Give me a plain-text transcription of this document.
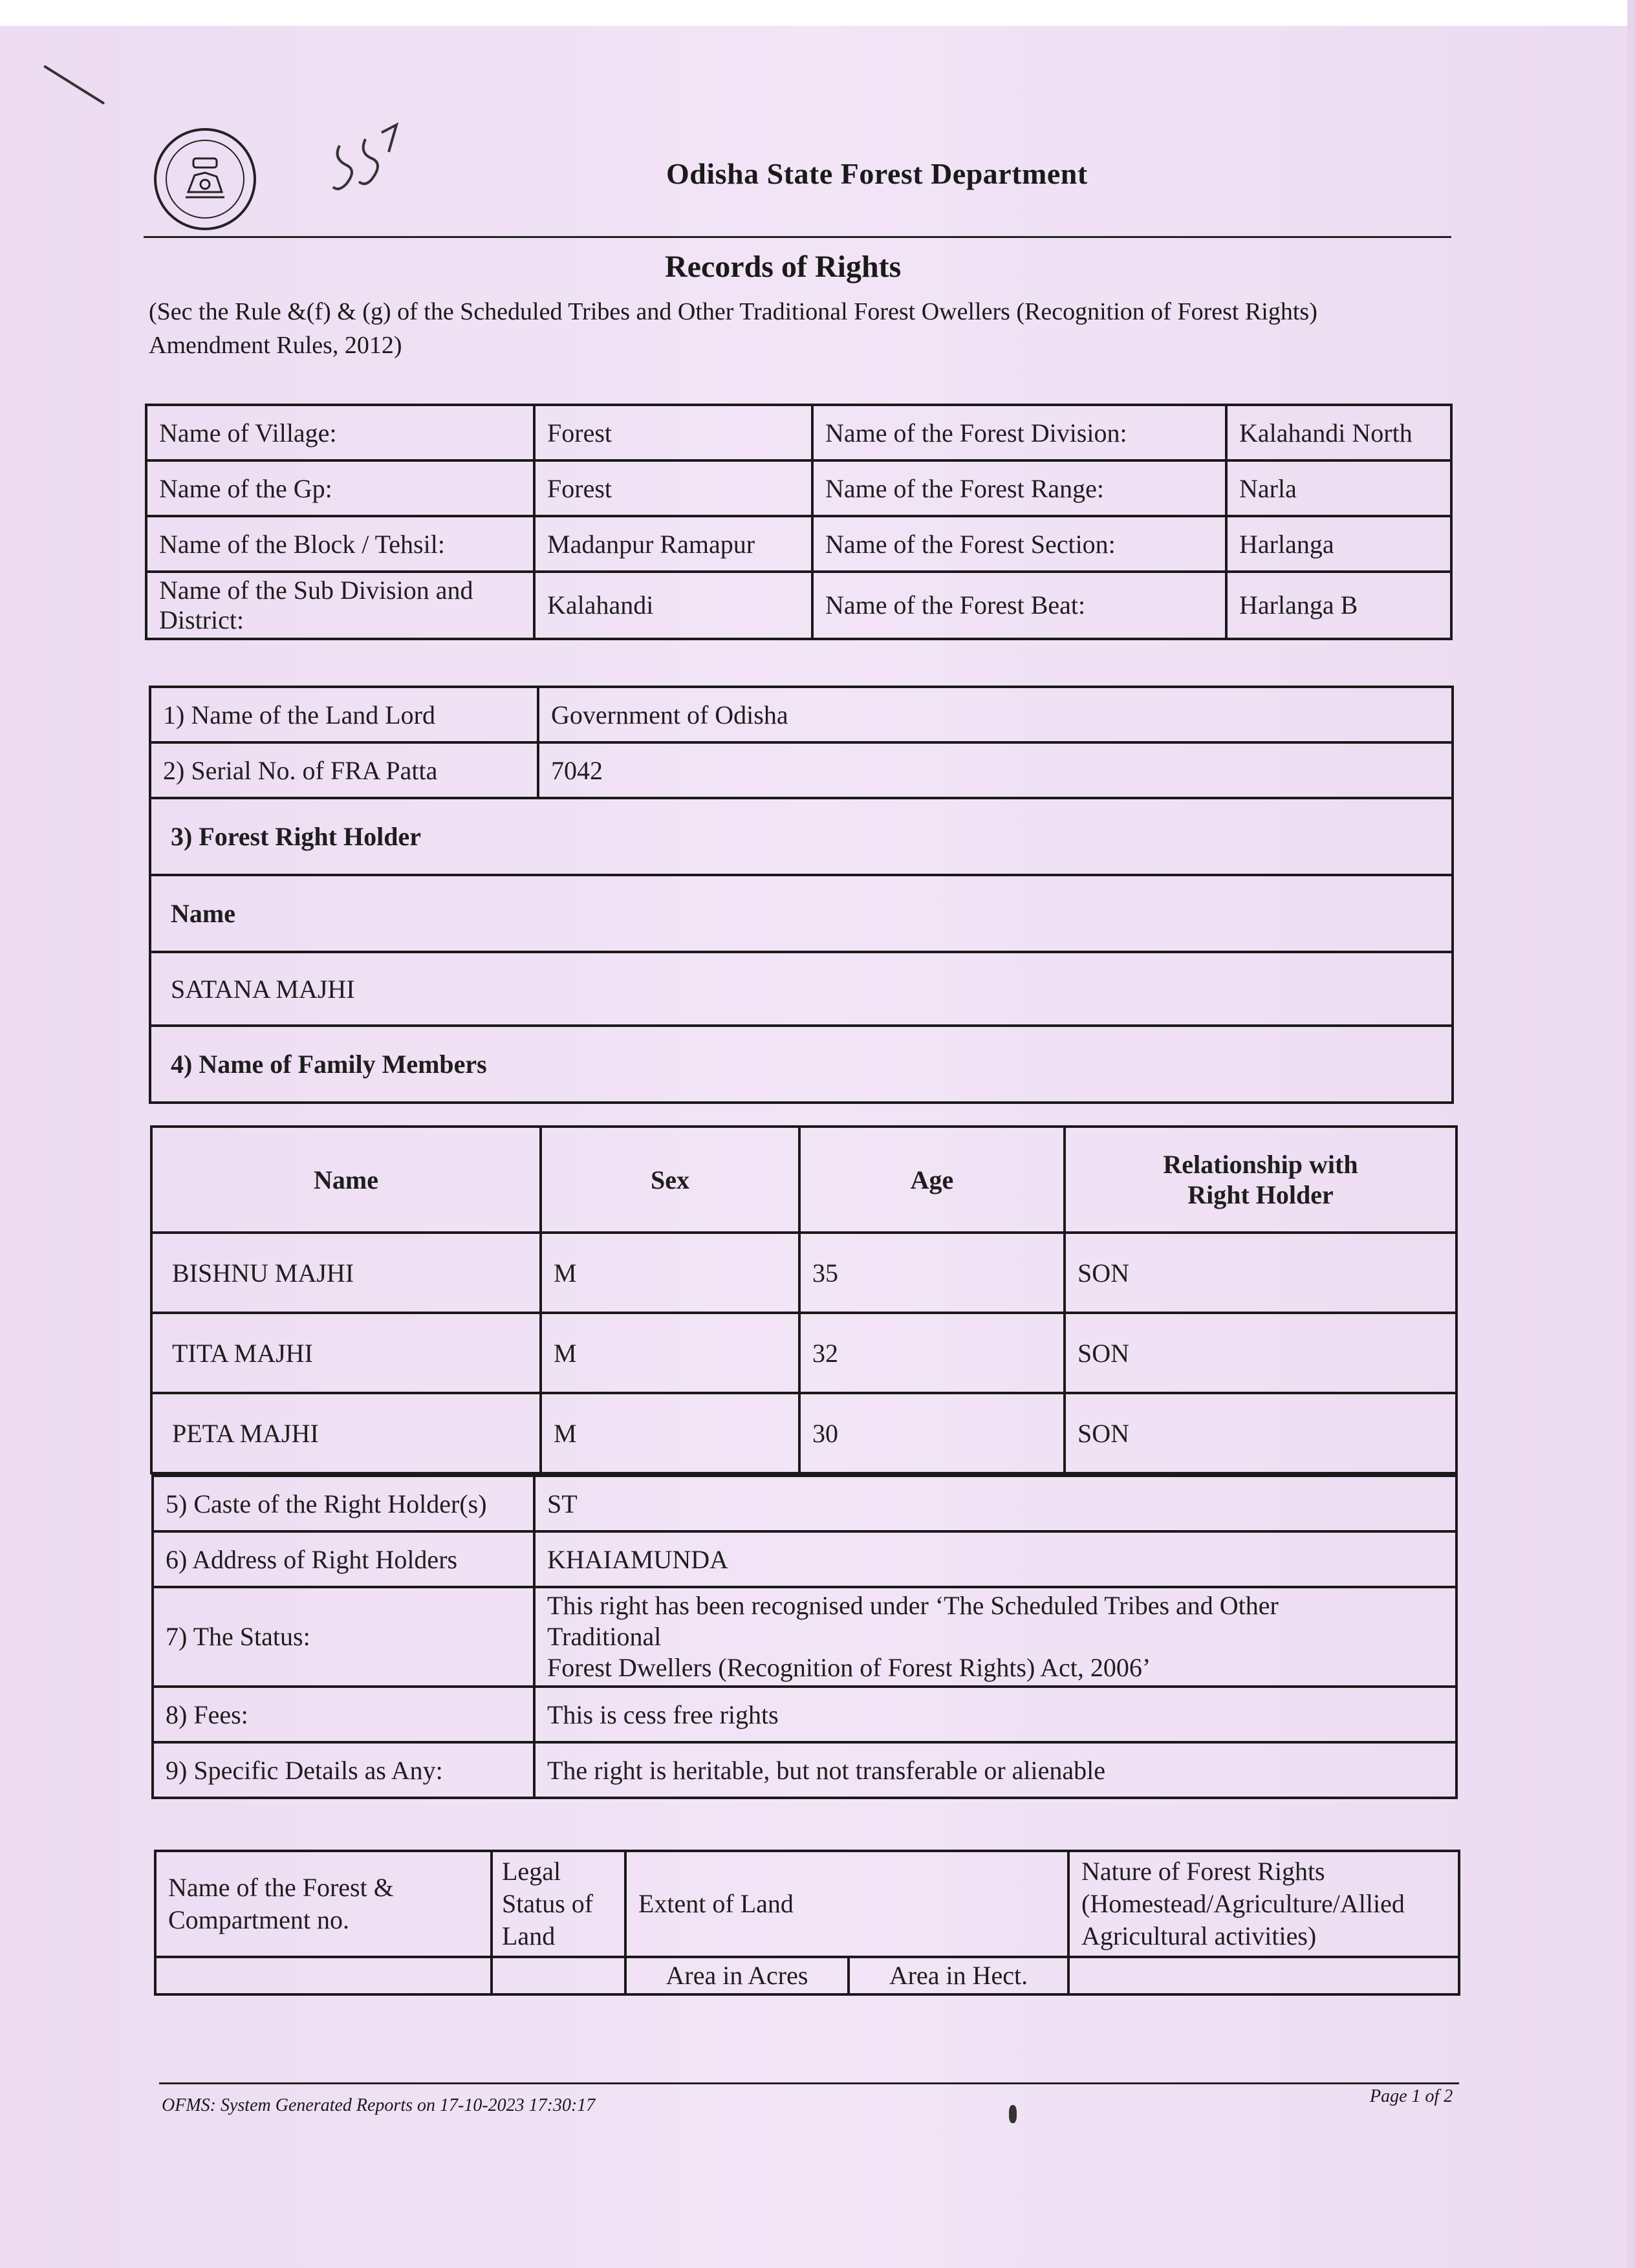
Odisha State Forest Department
Records of Rights
(Sec the Rule &(f) & (g) of the Scheduled Tribes and Other Traditional Forest Owellers (Recognition of Forest Rights) Amendment Rules, 2012)
Name of Village:	Forest	Name of the Forest Division:	Kalahandi North
Name of the Gp:	Forest	Name of the Forest Range:	Narla
Name of the Block / Tehsil:	Madanpur Ramapur	Name of the Forest Section:	Harlanga
Name of the Sub Division and District:	Kalahandi	Name of the Forest Beat:	Harlanga B
1) Name of the Land Lord	Government of Odisha
2) Serial No. of FRA Patta	7042
3) Forest Right Holder	
Name	
SATANA MAJHI	
4) Name of Family Members	
Name	Sex	Age	Relationship with Right Holder
BISHNU MAJHI	M	35	SON
TITA MAJHI	M	32	SON
PETA MAJHI	M	30	SON
5) Caste of the Right Holder(s)	ST
6) Address of Right Holders	KHAIAMUNDA
7) The Status:	This right has been recognised under ‘The Scheduled Tribes and Other
Traditional
Forest Dwellers (Recognition of Forest Rights) Act, 2006’

8) Fees:	This is cess free rights
9) Specific Details as Any:	The right is heritable, but not transferable or alienable
Name of the Forest & Compartment no.	Legal Status of Land	Extent of Land		Nature of Forest Rights (Homestead/Agriculture/Allied Agricultural activities)
		Area in Acres	Area in Hect.	
OFMS: System Generated Reports on 17-10-2023 17:30:17	Page 1 of 2
